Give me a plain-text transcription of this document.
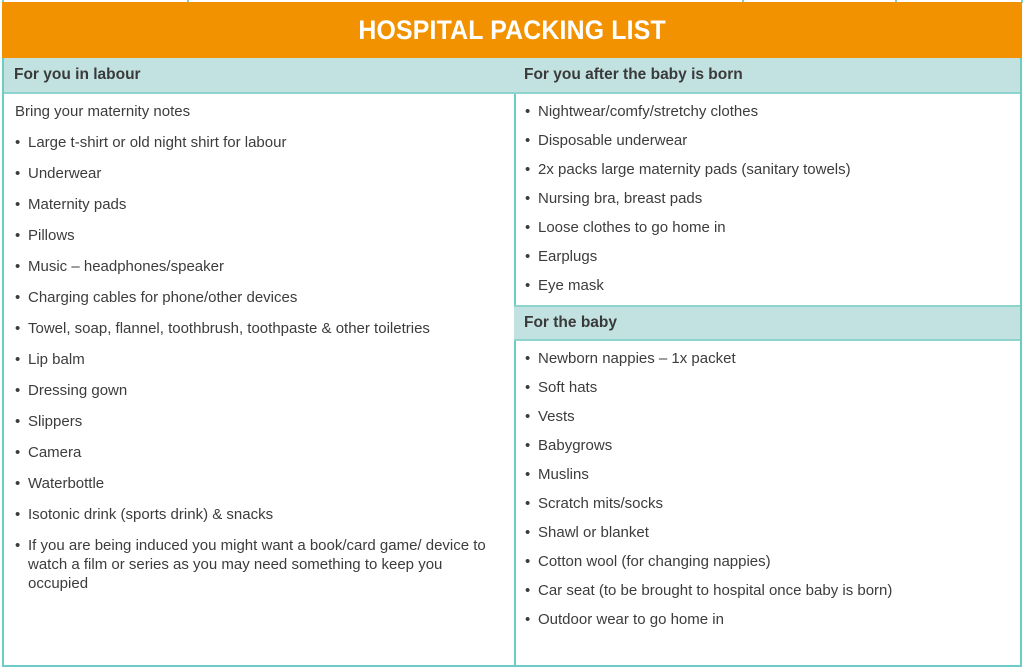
HOSPITAL PACKING LIST
For you in labour
Bring your maternity notes
• Large t-shirt or old night shirt for labour
• Underwear
• Maternity pads
• Pillows
• Music – headphones/speaker
• Charging cables for phone/other devices
• Towel, soap, flannel, toothbrush, toothpaste & other toiletries
• Lip balm
• Dressing gown
• Slippers
• Camera
• Waterbottle
• Isotonic drink (sports drink) & snacks
• If you are being induced you might want a book/card game/ device to watch a film or series as you may need something to keep you occupied
For you after the baby is born
• Nightwear/comfy/stretchy clothes
• Disposable underwear
• 2x packs large maternity pads (sanitary towels)
• Nursing bra, breast pads
• Loose clothes to go home in
• Earplugs
• Eye mask
For the baby
• Newborn nappies – 1x packet
• Soft hats
• Vests
• Babygrows
• Muslins
• Scratch mits/socks
• Shawl or blanket
• Cotton wool (for changing nappies)
• Car seat (to be brought to hospital once baby is born)
• Outdoor wear to go home in
